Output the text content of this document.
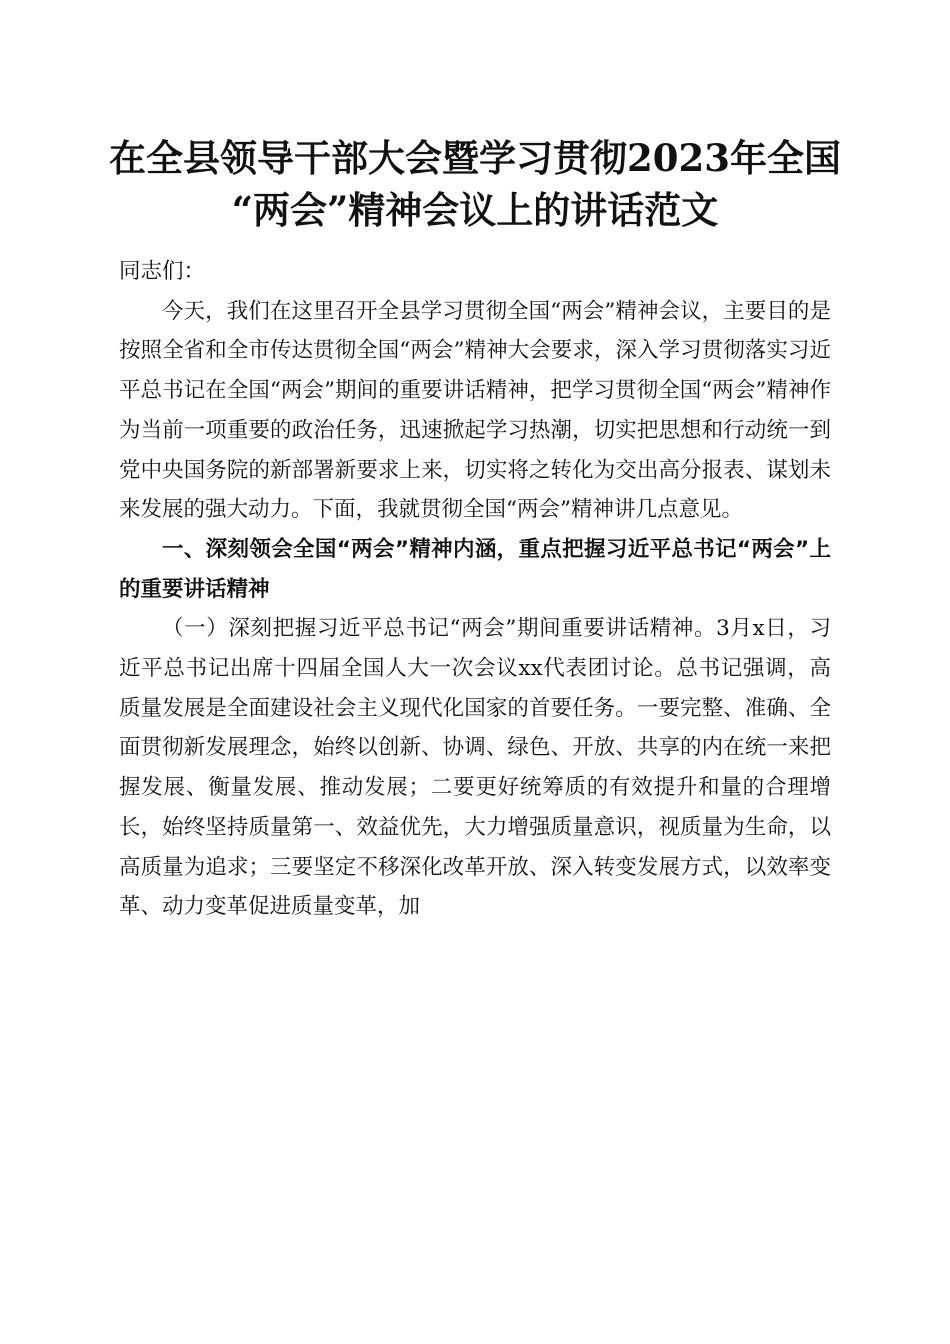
在全县领导干部大会暨学习贯彻2023年全国
“两会”精神会议上的讲话范文

同志们：

今天，我们在这里召开全县学习贯彻全国“两会”精神会议，主要目的是按照全省和全市传达贯彻全国“两会”精神大会要求，深入学习贯彻落实习近平总书记在全国“两会”期间的重要讲话精神，把学习贯彻全国“两会”精神作为当前一项重要的政治任务，迅速掀起学习热潮，切实把思想和行动统一到党中央国务院的新部署新要求上来，切实将之转化为交出高分报表、谋划未来发展的强大动力。下面，我就贯彻全国“两会”精神讲几点意见。

一、深刻领会全国“两会”精神内涵，重点把握习近平总书记“两会”上的重要讲话精神

（一）深刻把握习近平总书记“两会”期间重要讲话精神。3月x日，习近平总书记出席十四届全国人大一次会议xx代表团讨论。总书记强调，高质量发展是全面建设社会主义现代化国家的首要任务。一要完整、准确、全面贯彻新发展理念，始终以创新、协调、绿色、开放、共享的内在统一来把握发展、衡量发展、推动发展；二要更好统筹质的有效提升和量的合理增长，始终坚持质量第一、效益优先，大力增强质量意识，视质量为生命，以高质量为追求；三要坚定不移深化改革开放、深入转变发展方式，以效率变革、动力变革促进质量变革，加
